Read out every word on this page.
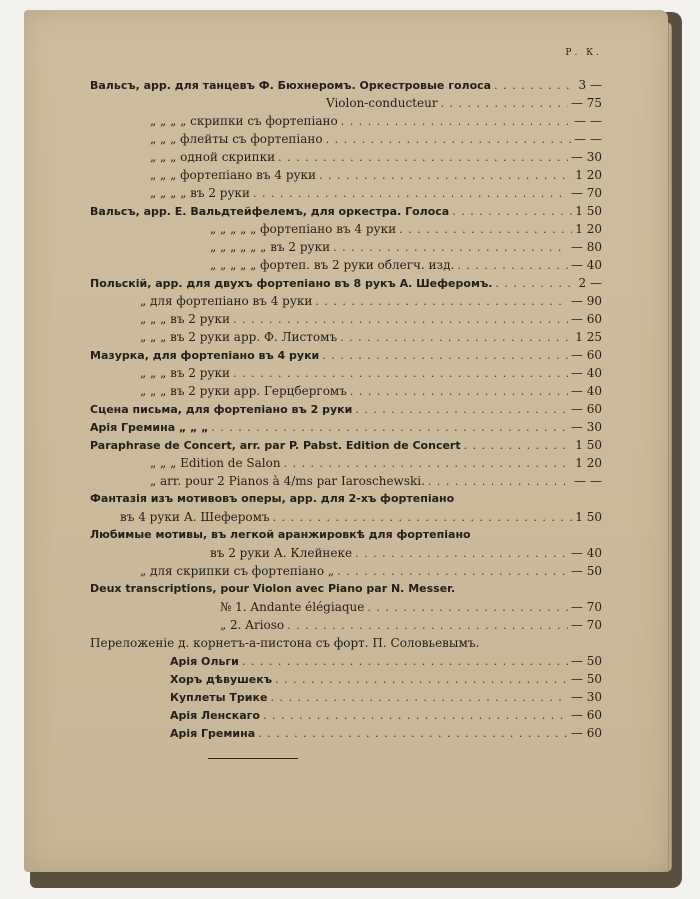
Р. К.
Вальсъ, арр. для танцевъ Ф. Бюхнеромъ. Оркестровые голоса . . .	3 —
Violon-conducteur . . .	— 75
„ „ „ „ скрипки съ фортепіано . . .	— —
„ „ „ флейты съ фортепіано . . .	— —
„ „ „ одной скрипки . . .	— 30
„ „ „ фортепіано въ 4 руки . . .	1 20
„ „ „ „ въ 2 руки . . .	— 70
Вальсъ, арр. Е. Вальдтейфелемъ, для оркестра. Голоса . . .	1 50
„ „ „ „ „ фортепіано въ 4 руки . . .	1 20
„ „ „ „ „ „ въ 2 руки . . .	— 80
„ „ „ „ „ фортеп. въ 2 руки облегч. изд. . . .	— 40
Польскій, арр. для двухъ фортепіано въ 8 рукъ А. Шеферомъ. . . .	2 —
„ для фортепіано въ 4 руки . . .	— 90
„ „ „ въ 2 руки . . .	— 60
„ „ „ въ 2 руки арр. Ф. Листомъ . . .	1 25
Мазурка, для фортепіано въ 4 руки . . .	— 60
„ „ „ въ 2 руки . . .	— 40
„ „ „ въ 2 руки арр. Герцбергомъ . . .	— 40
Сцена письма, для фортепіано въ 2 руки . . .	— 60
Арія Гремина „ „ „ . . .	— 30
Paraphrase de Concert, arr. par P. Pabst. Edition de Concert . . .	1 50
„ „ „ Edition de Salon . . .	1 20
„ arr. pour 2 Pianos à 4/ms par Iaroschewski. . . .	— —
Фантазія изъ мотивовъ оперы, арр. для 2-хъ фортепіано
въ 4 руки А. Шеферомъ . . .	1 50
Любимые мотивы, въ легкой аранжировкѣ для фортепіано
въ 2 руки А. Клейнеке . . .	— 40
„ для скрипки съ фортепіано „ . . .	— 50
Deux transcriptions, pour Violon avec Piano par N. Messer.
№ 1. Andante élégiaque . . .	— 70
„ 2. Arioso . . .	— 70
Переложеніе д. корнетъ-а-пистона съ форт. П. Соловьевымъ.
Арія Ольги . . .	— 50
Хоръ дѣвушекъ . . .	— 50
Куплеты Трике . . .	— 30
Арія Ленскаго . . .	— 60
Арія Гремина . . .	— 60
